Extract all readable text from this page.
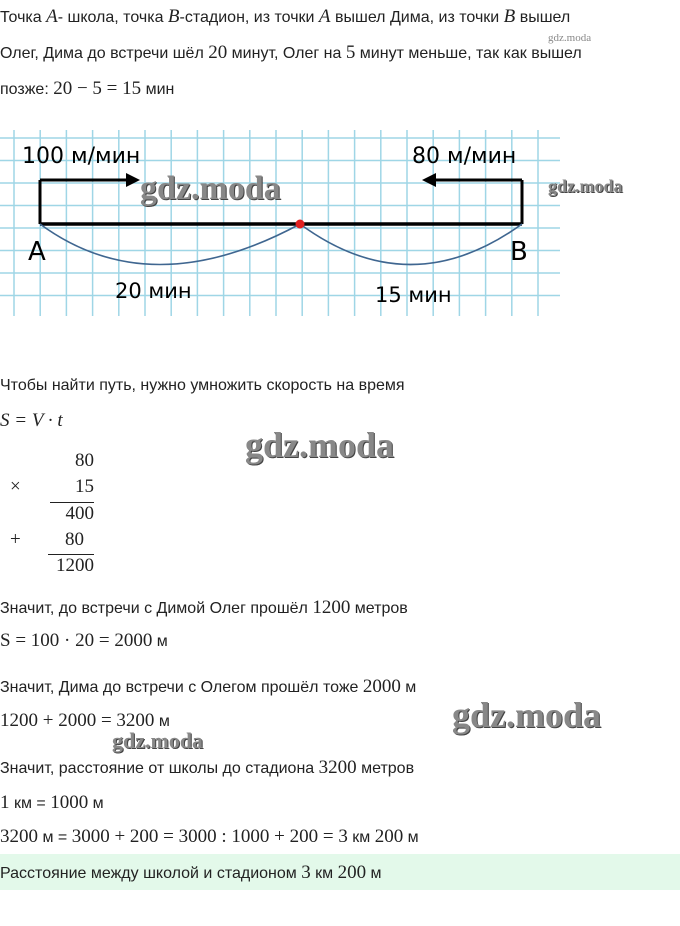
Точка A- школа, точка B-стадион, из точки A вышел Дима, из точки B вышел
gdz.moda
Олег, Дима до встречи шёл 20 минут, Олег на 5 минут меньше, так как вышел
позже: 20 − 5 = 15 мин
100 м/мин	80 м/мин
A	B
20 мин	15 мин
gdz.moda	gdz.moda
Чтобы найти путь, нужно умножить скорость на время
S = V · t
gdz.moda
80
×	15
400
+	80
1200
Значит, до встречи с Димой Олег прошёл 1200 метров
S = 100 · 20 = 2000 м
Значит, Дима до встречи с Олегом прошёл тоже 2000 м
1200 + 2000 = 3200 м	gdz.moda
gdz.moda
Значит, расстояние от школы до стадиона 3200 метров
1 км = 1000 м
3200 м = 3000 + 200 = 3000 : 1000 + 200 = 3 км 200 м
Расстояние между школой и стадионом 3 км 200 м
